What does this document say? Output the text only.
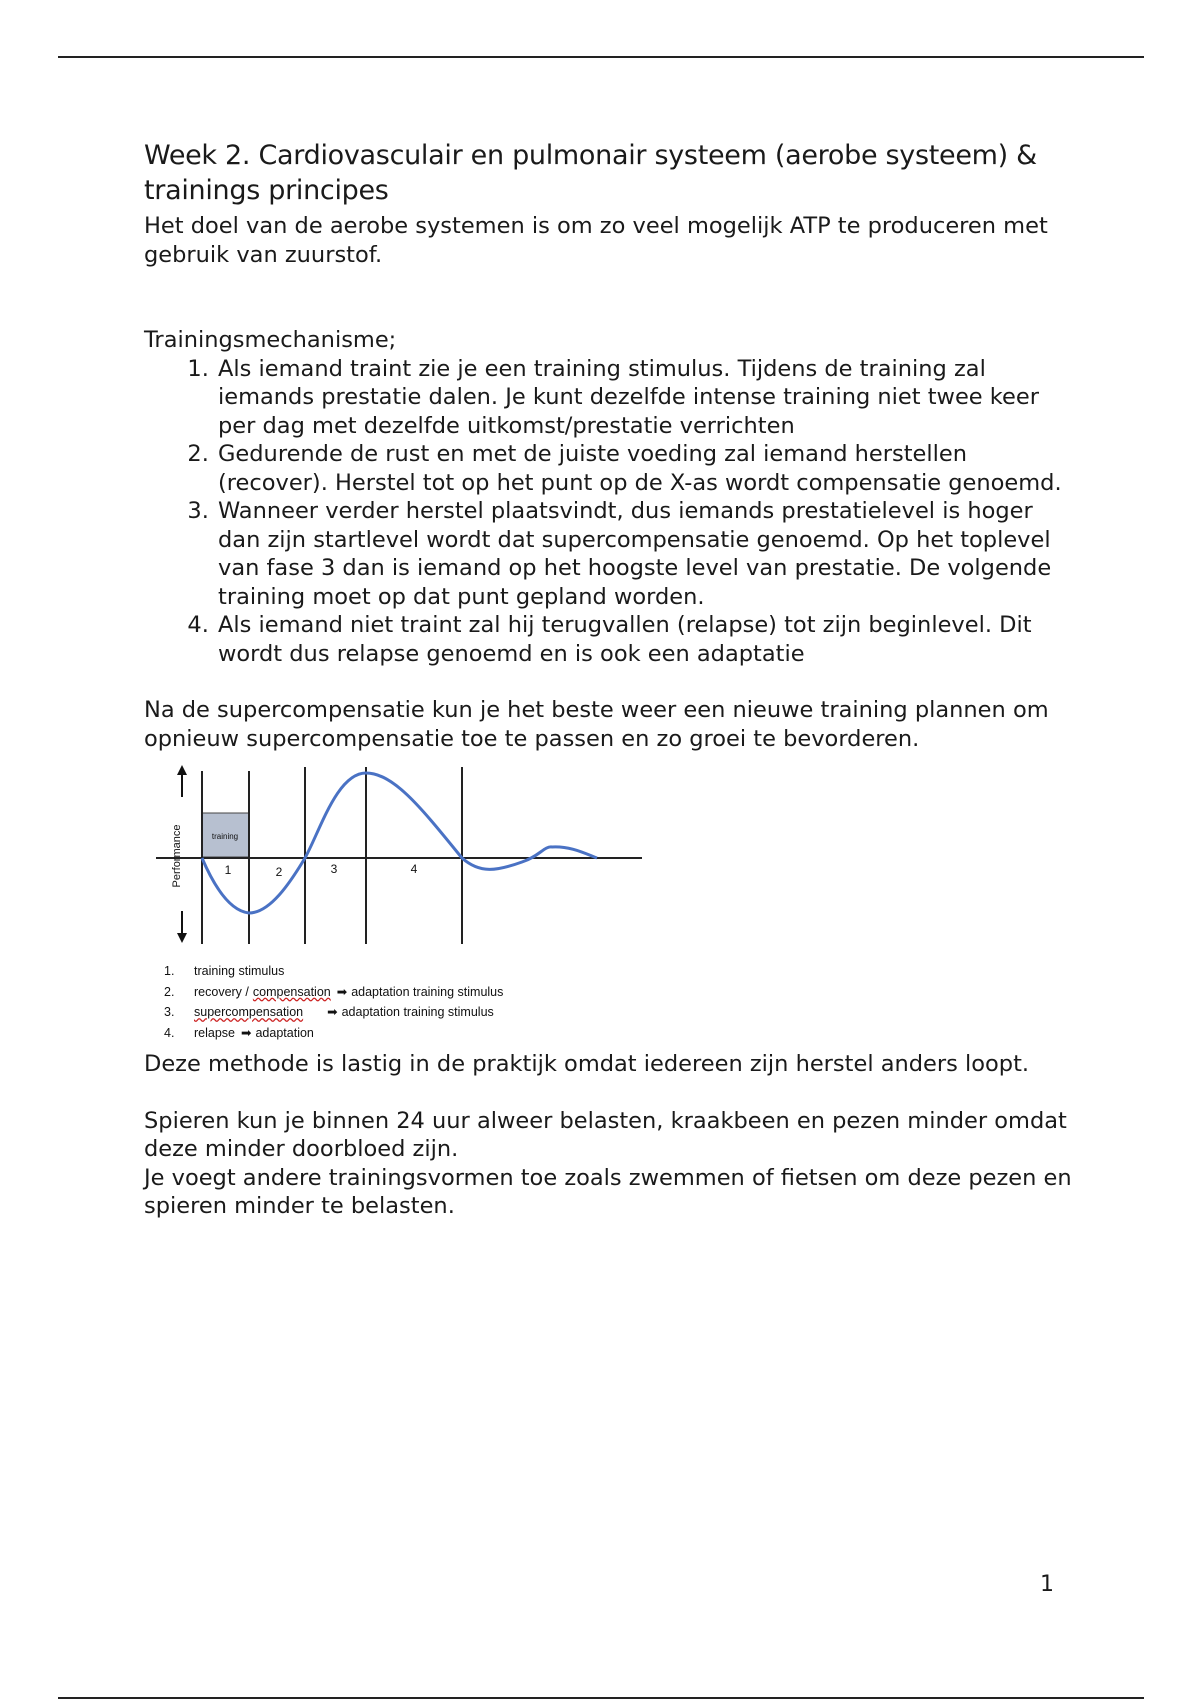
Week 2. Cardiovasculair en pulmonair systeem (aerobe systeem) & trainings principes

Het doel van de aerobe systemen is om zo veel mogelijk ATP te produceren met gebruik van zuurstof.

Trainingsmechanisme;

1. Als iemand traint zie je een training stimulus. Tijdens de training zal iemands prestatie dalen. Je kunt dezelfde intense training niet twee keer per dag met dezelfde uitkomst/prestatie verrichten
2. Gedurende de rust en met de juiste voeding zal iemand herstellen (recover). Herstel tot op het punt op de X-as wordt compensatie genoemd.
3. Wanneer verder herstel plaatsvindt, dus iemands prestatielevel is hoger dan zijn startlevel wordt dat supercompensatie genoemd. Op het toplevel van fase 3 dan is iemand op het hoogste level van prestatie. De volgende training moet op dat punt gepland worden.
4. Als iemand niet traint zal hij terugvallen (relapse) tot zijn beginlevel. Dit wordt dus relapse genoemd en is ook een adaptatie

Na de supercompensatie kun je het beste weer een nieuwe training plannen om opnieuw supercompensatie toe te passen en zo groei te bevorderen.

training
1	2	3	4
Performance
1.	training stimulus
2.	recovery / compensation ➡ adaptation training stimulus
3.	supercompensation ➡ adaptation training stimulus
4.	relapse ➡ adaptation

Deze methode is lastig in de praktijk omdat iedereen zijn herstel anders loopt.

Spieren kun je binnen 24 uur alweer belasten, kraakbeen en pezen minder omdat deze minder doorbloed zijn.

Je voegt andere trainingsvormen toe zoals zwemmen of fietsen om deze pezen en spieren minder te belasten.

1
